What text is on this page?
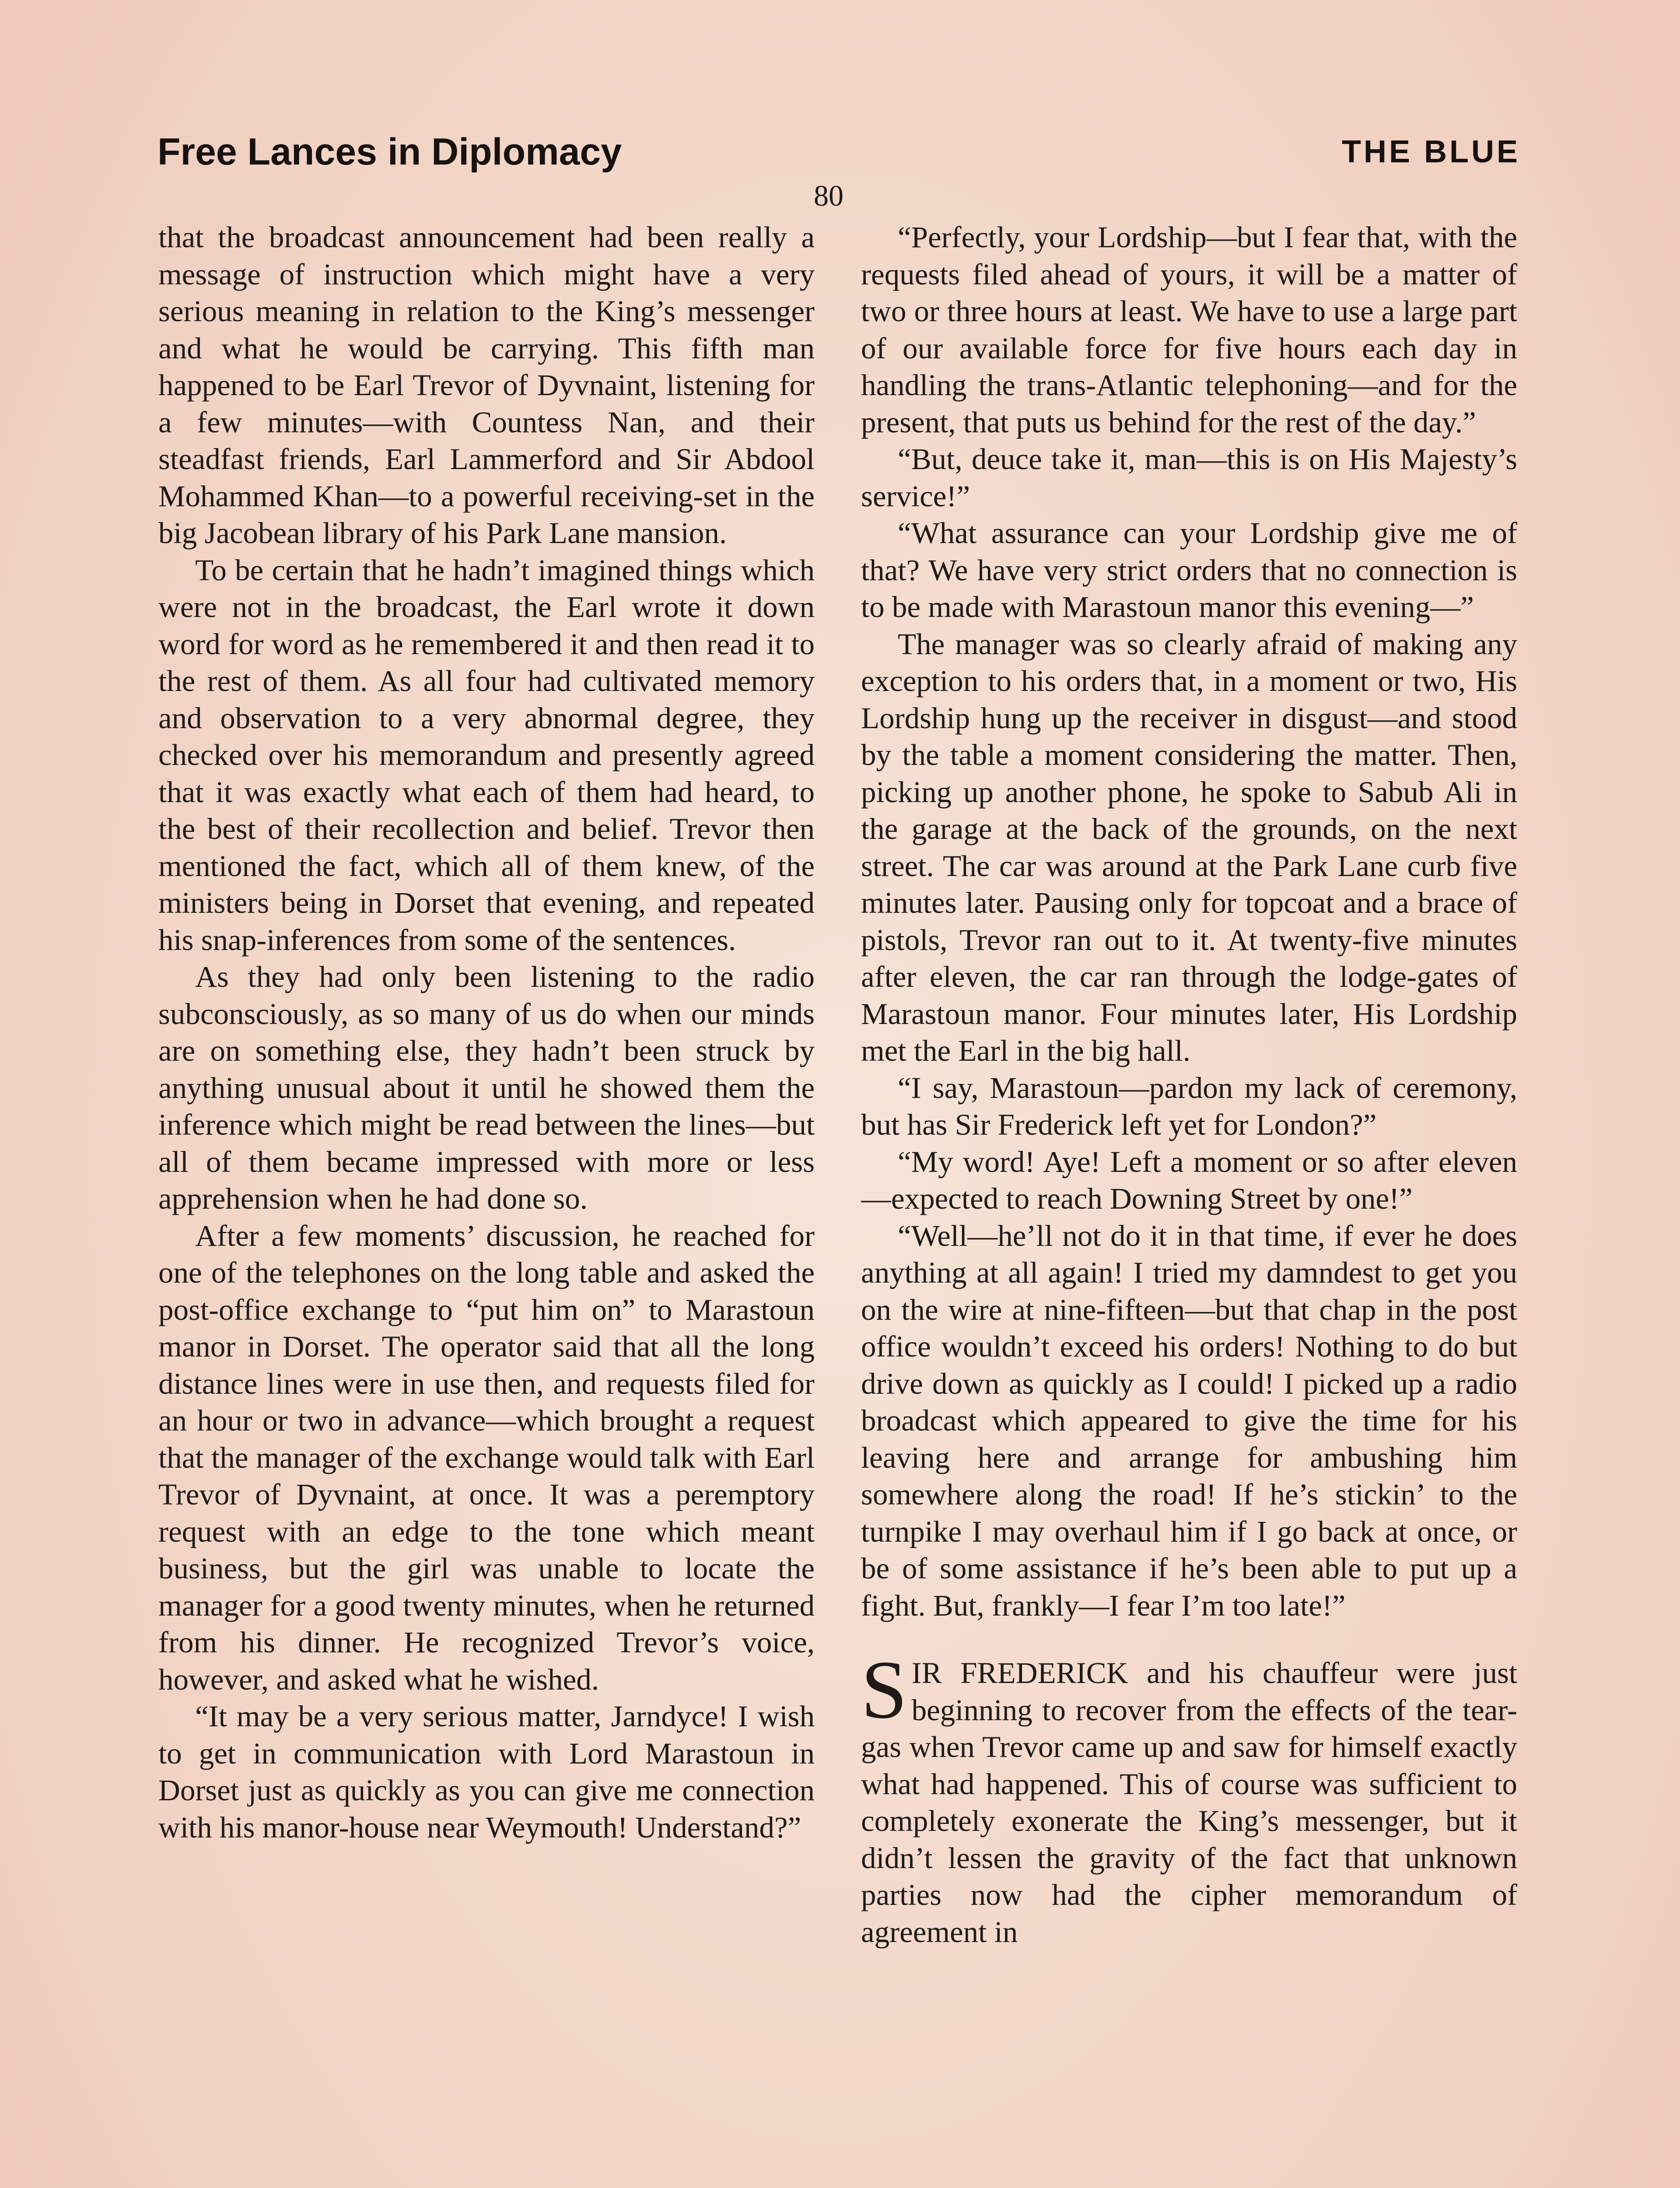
Free Lances in Diplomacy	THE BLUE
80

that the broadcast announcement had been really a message of instruction which might have a very serious meaning in relation to the King’s messenger and what he would be carrying. This fifth man happened to be Earl Trevor of Dyvnaint, listening for a few minutes—with Countess Nan, and their steadfast friends, Earl Lammerford and Sir Abdool Mohammed Khan—to a powerful receiving-set in the big Jacobean library of his Park Lane mansion.

To be certain that he hadn’t imagined things which were not in the broadcast, the Earl wrote it down word for word as he remembered it and then read it to the rest of them. As all four had cultivated memory and observation to a very abnormal degree, they checked over his memorandum and presently agreed that it was exactly what each of them had heard, to the best of their recollection and belief. Trevor then mentioned the fact, which all of them knew, of the ministers being in Dorset that evening, and repeated his snap-inferences from some of the sentences.

As they had only been listening to the radio subconsciously, as so many of us do when our minds are on something else, they hadn’t been struck by anything unusual about it until he showed them the inference which might be read between the lines—but all of them became impressed with more or less apprehension when he had done so.

After a few moments’ discussion, he reached for one of the telephones on the long table and asked the post-office exchange to “put him on” to Marastoun manor in Dorset. The operator said that all the long distance lines were in use then, and requests filed for an hour or two in advance—which brought a request that the manager of the exchange would talk with Earl Trevor of Dyvnaint, at once. It was a peremptory request with an edge to the tone which meant business, but the girl was unable to locate the manager for a good twenty minutes, when he returned from his dinner. He recognized Trevor’s voice, however, and asked what he wished.

“It may be a very serious matter, Jarndyce! I wish to get in communication with Lord Marastoun in Dorset just as quickly as you can give me connection with his manor-house near Weymouth! Understand?”

“Perfectly, your Lordship—but I fear that, with the requests filed ahead of yours, it will be a matter of two or three hours at least. We have to use a large part of our available force for five hours each day in handling the trans-Atlantic telephoning—and for the present, that puts us behind for the rest of the day.”

“But, deuce take it, man—this is on His Majesty’s service!”

“What assurance can your Lordship give me of that? We have very strict orders that no connection is to be made with Marastoun manor this evening—”

The manager was so clearly afraid of making any exception to his orders that, in a moment or two, His Lordship hung up the receiver in disgust—and stood by the table a moment considering the matter. Then, picking up another phone, he spoke to Sabub Ali in the garage at the back of the grounds, on the next street. The car was around at the Park Lane curb five minutes later. Pausing only for topcoat and a brace of pistols, Trevor ran out to it. At twenty-five minutes after eleven, the car ran through the lodge-gates of Marastoun manor. Four minutes later, His Lordship met the Earl in the big hall.

“I say, Marastoun—pardon my lack of ceremony, but has Sir Frederick left yet for London?”

“My word! Aye! Left a moment or so after eleven—expected to reach Downing Street by one!”

“Well—he’ll not do it in that time, if ever he does anything at all again! I tried my damndest to get you on the wire at nine-fifteen—but that chap in the post office wouldn’t exceed his orders! Nothing to do but drive down as quickly as I could! I picked up a radio broadcast which appeared to give the time for his leaving here and arrange for ambushing him somewhere along the road! If he’s stickin’ to the turnpike I may overhaul him if I go back at once, or be of some assistance if he’s been able to put up a fight. But, frankly—I fear I’m too late!”

SIR FREDERICK and his chauffeur were just beginning to recover from the effects of the tear-gas when Trevor came up and saw for himself exactly what had happened. This of course was sufficient to completely exonerate the King’s messenger, but it didn’t lessen the gravity of the fact that unknown parties now had the cipher memorandum of agreement in
